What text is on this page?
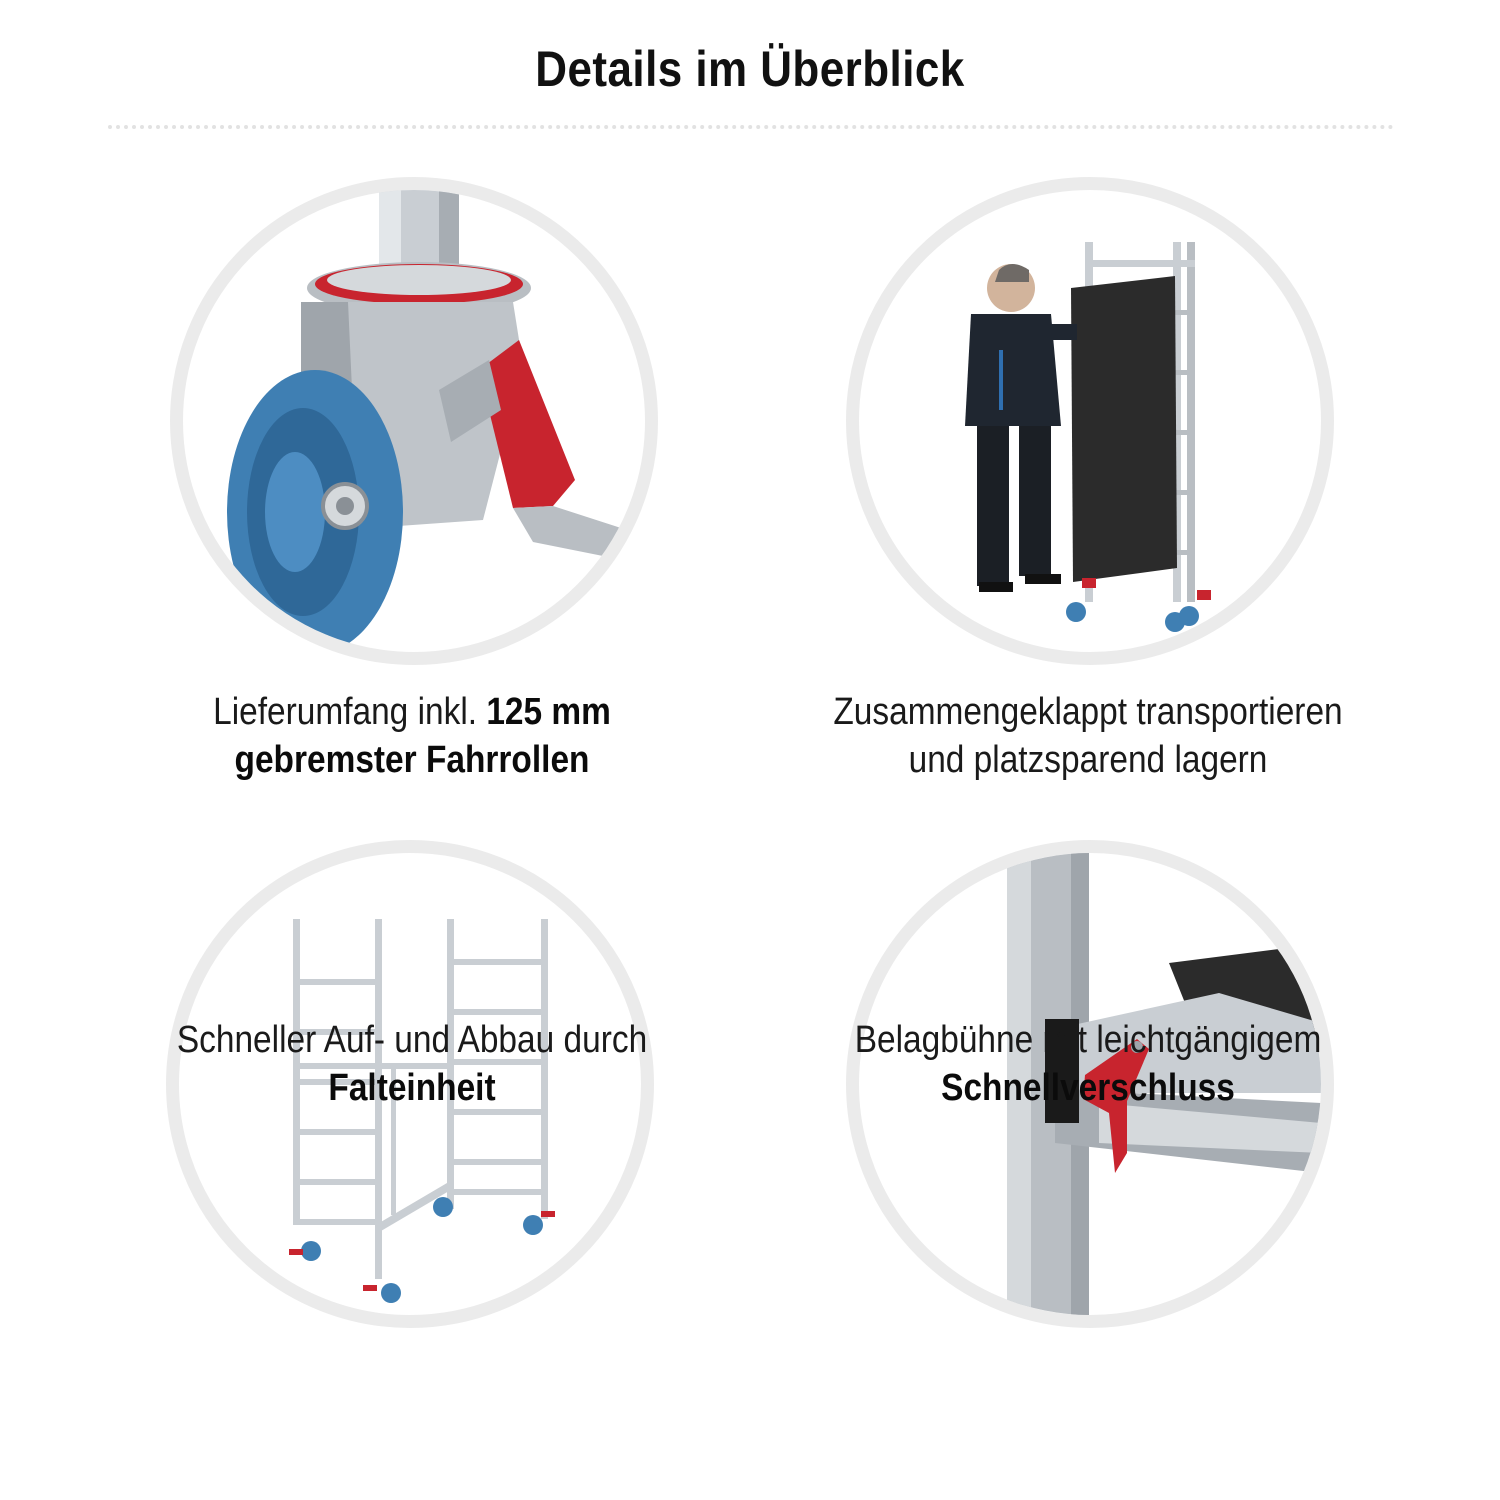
Details im Überblick
Lieferumfang inkl. 125 mm
gebremster Fahrrollen
Zusammengeklappt transportieren
und platzsparend lagern
Schneller Auf- und Abbau durch
Falteinheit
Belagbühne mit leichtgängigem
Schnellverschluss
